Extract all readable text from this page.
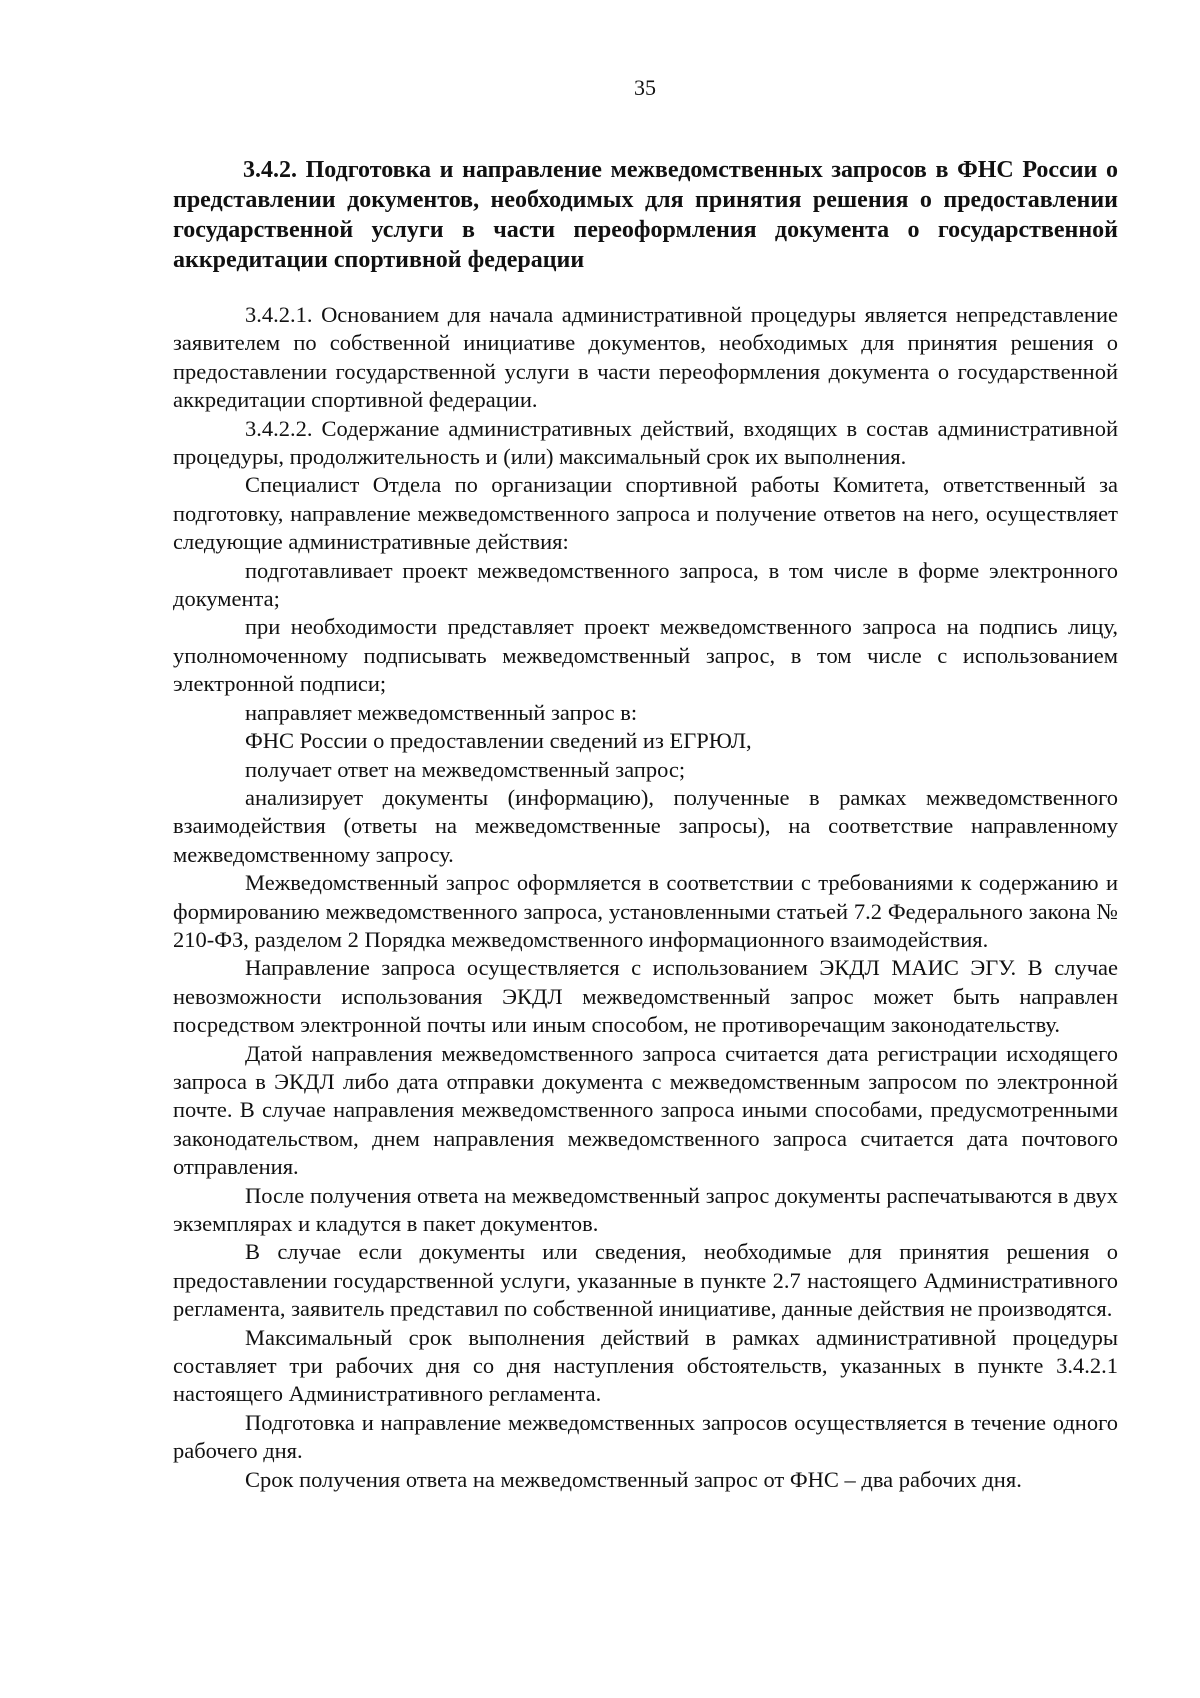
35

3.4.2. Подготовка и направление межведомственных запросов в ФНС России о представлении документов, необходимых для принятия решения о предоставлении государственной услуги в части переоформления документа о государственной аккредитации спортивной федерации

3.4.2.1. Основанием для начала административной процедуры является непредставление заявителем по собственной инициативе документов, необходимых для принятия решения о предоставлении государственной услуги в части переоформления документа о государственной аккредитации спортивной федерации.

3.4.2.2. Содержание административных действий, входящих в состав административной процедуры, продолжительность и (или) максимальный срок их выполнения.

Специалист Отдела по организации спортивной работы Комитета, ответственный за подготовку, направление межведомственного запроса и получение ответов на него, осуществляет следующие административные действия:

подготавливает проект межведомственного запроса, в том числе в форме электронного документа;

при необходимости представляет проект межведомственного запроса на подпись лицу, уполномоченному подписывать межведомственный запрос, в том числе с использованием электронной подписи;

направляет межведомственный запрос в:

ФНС России о предоставлении сведений из ЕГРЮЛ,

получает ответ на межведомственный запрос;

анализирует документы (информацию), полученные в рамках межведомственного взаимодействия (ответы на межведомственные запросы), на соответствие направленному межведомственному запросу.

Межведомственный запрос оформляется в соответствии с требованиями к содержанию и формированию межведомственного запроса, установленными статьей 7.2 Федерального закона № 210-ФЗ, разделом 2 Порядка межведомственного информационного взаимодействия.

Направление запроса осуществляется с использованием ЭКДЛ МАИС ЭГУ. В случае невозможности использования ЭКДЛ межведомственный запрос может быть направлен посредством электронной почты или иным способом, не противоречащим законодательству.

Датой направления межведомственного запроса считается дата регистрации исходящего запроса в ЭКДЛ либо дата отправки документа с межведомственным запросом по электронной почте. В случае направления межведомственного запроса иными способами, предусмотренными законодательством, днем направления межведомственного запроса считается дата почтового отправления.

После получения ответа на межведомственный запрос документы распечатываются в двух экземплярах и кладутся в пакет документов.

В случае если документы или сведения, необходимые для принятия решения о предоставлении государственной услуги, указанные в пункте 2.7 настоящего Административного регламента, заявитель представил по собственной инициативе, данные действия не производятся.

Максимальный срок выполнения действий в рамках административной процедуры составляет три рабочих дня со дня наступления обстоятельств, указанных в пункте 3.4.2.1 настоящего Административного регламента.

Подготовка и направление межведомственных запросов осуществляется в течение одного рабочего дня.

Срок получения ответа на межведомственный запрос от ФНС – два рабочих дня.
